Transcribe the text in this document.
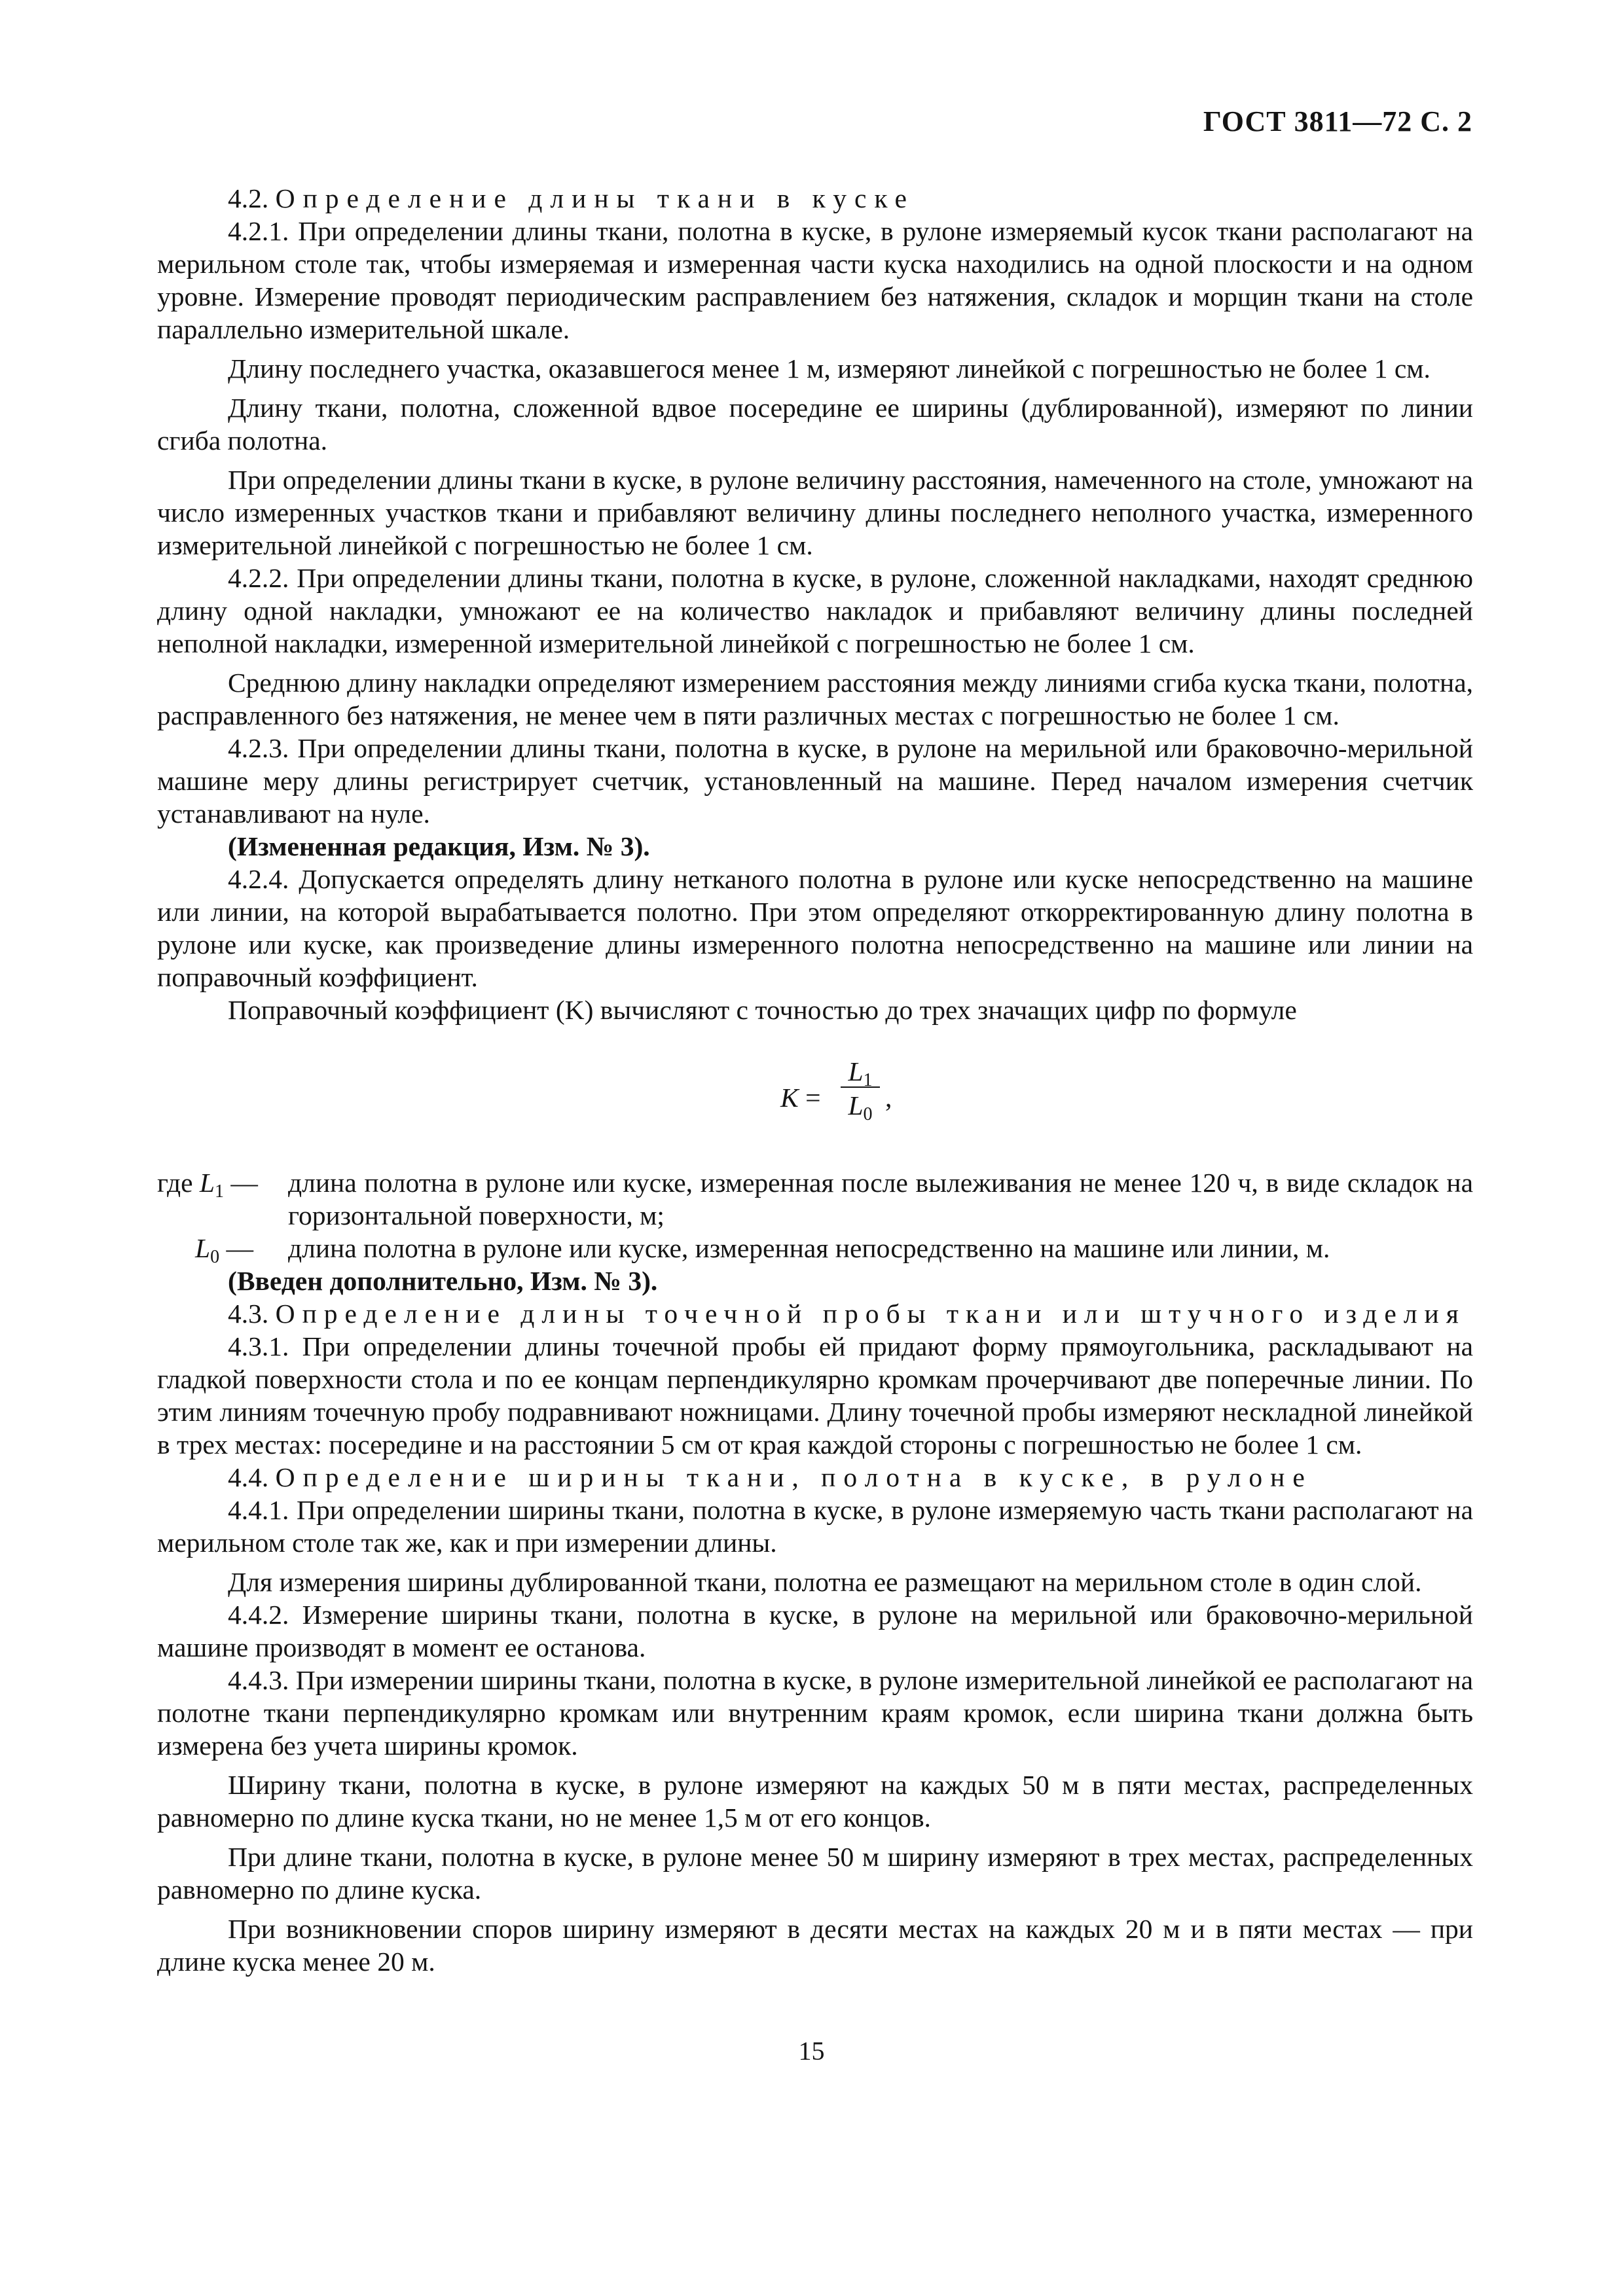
ГОСТ 3811—72 С. 2

4.2. Определение длины ткани в куске

4.2.1. При определении длины ткани, полотна в куске, в рулоне измеряемый кусок ткани располагают на мерильном столе так, чтобы измеряемая и измеренная части куска находились на одной плоскости и на одном уровне. Измерение проводят периодическим расправлением без натяжения, складок и морщин ткани на столе параллельно измерительной шкале.

Длину последнего участка, оказавшегося менее 1 м, измеряют линейкой с погрешностью не более 1 см.

Длину ткани, полотна, сложенной вдвое посередине ее ширины (дублированной), измеряют по линии сгиба полотна.

При определении длины ткани в куске, в рулоне величину расстояния, намеченного на столе, умножают на число измеренных участков ткани и прибавляют величину длины последнего неполного участка, измеренного измерительной линейкой с погрешностью не более 1 см.

4.2.2. При определении длины ткани, полотна в куске, в рулоне, сложенной накладками, находят среднюю длину одной накладки, умножают ее на количество накладок и прибавляют величину длины последней неполной накладки, измеренной измерительной линейкой с погрешностью не более 1 см.

Среднюю длину накладки определяют измерением расстояния между линиями сгиба куска ткани, полотна, расправленного без натяжения, не менее чем в пяти различных местах с погрешностью не более 1 см.

4.2.3. При определении длины ткани, полотна в куске, в рулоне на мерильной или браковочно-мерильной машине меру длины регистрирует счетчик, установленный на машине. Перед началом измерения счетчик устанавливают на нуле.

(Измененная редакция, Изм. № 3).

4.2.4. Допускается определять длину нетканого полотна в рулоне или куске непосредственно на машине или линии, на которой вырабатывается полотно. При этом определяют откорректированную длину полотна в рулоне или куске, как произведение длины измеренного полотна непосредственно на машине или линии на поправочный коэффициент.

Поправочный коэффициент (K) вычисляют с точностью до трех значащих цифр по формуле

K =
$L_1$
$L_0$
,
где $L_1$ — длина полотна в рулоне или куске, измеренная после вылеживания не менее 120 ч, в виде складок на горизонтальной поверхности, м;
$L_0$ — длина полотна в рулоне или куске, измеренная непосредственно на машине или линии, м.

(Введен дополнительно, Изм. № 3).

4.3. Определение длины точечной пробы ткани или штучного изделия

4.3.1. При определении длины точечной пробы ей придают форму прямоугольника, раскладывают на гладкой поверхности стола и по ее концам перпендикулярно кромкам прочерчивают две поперечные линии. По этим линиям точечную пробу подравнивают ножницами. Длину точечной пробы измеряют нескладной линейкой в трех местах: посередине и на расстоянии 5 см от края каждой стороны с погрешностью не более 1 см.

4.4. Определение ширины ткани, полотна в куске, в рулоне

4.4.1. При определении ширины ткани, полотна в куске, в рулоне измеряемую часть ткани располагают на мерильном столе так же, как и при измерении длины.

Для измерения ширины дублированной ткани, полотна ее размещают на мерильном столе в один слой.

4.4.2. Измерение ширины ткани, полотна в куске, в рулоне на мерильной или браковочно-мерильной машине производят в момент ее останова.

4.4.3. При измерении ширины ткани, полотна в куске, в рулоне измерительной линейкой ее располагают на полотне ткани перпендикулярно кромкам или внутренним краям кромок, если ширина ткани должна быть измерена без учета ширины кромок.

Ширину ткани, полотна в куске, в рулоне измеряют на каждых 50 м в пяти местах, распределенных равномерно по длине куска ткани, но не менее 1,5 м от его концов.

При длине ткани, полотна в куске, в рулоне менее 50 м ширину измеряют в трех местах, распределенных равномерно по длине куска.

При возникновении споров ширину измеряют в десяти местах на каждых 20 м и в пяти местах — при длине куска менее 20 м.

15
